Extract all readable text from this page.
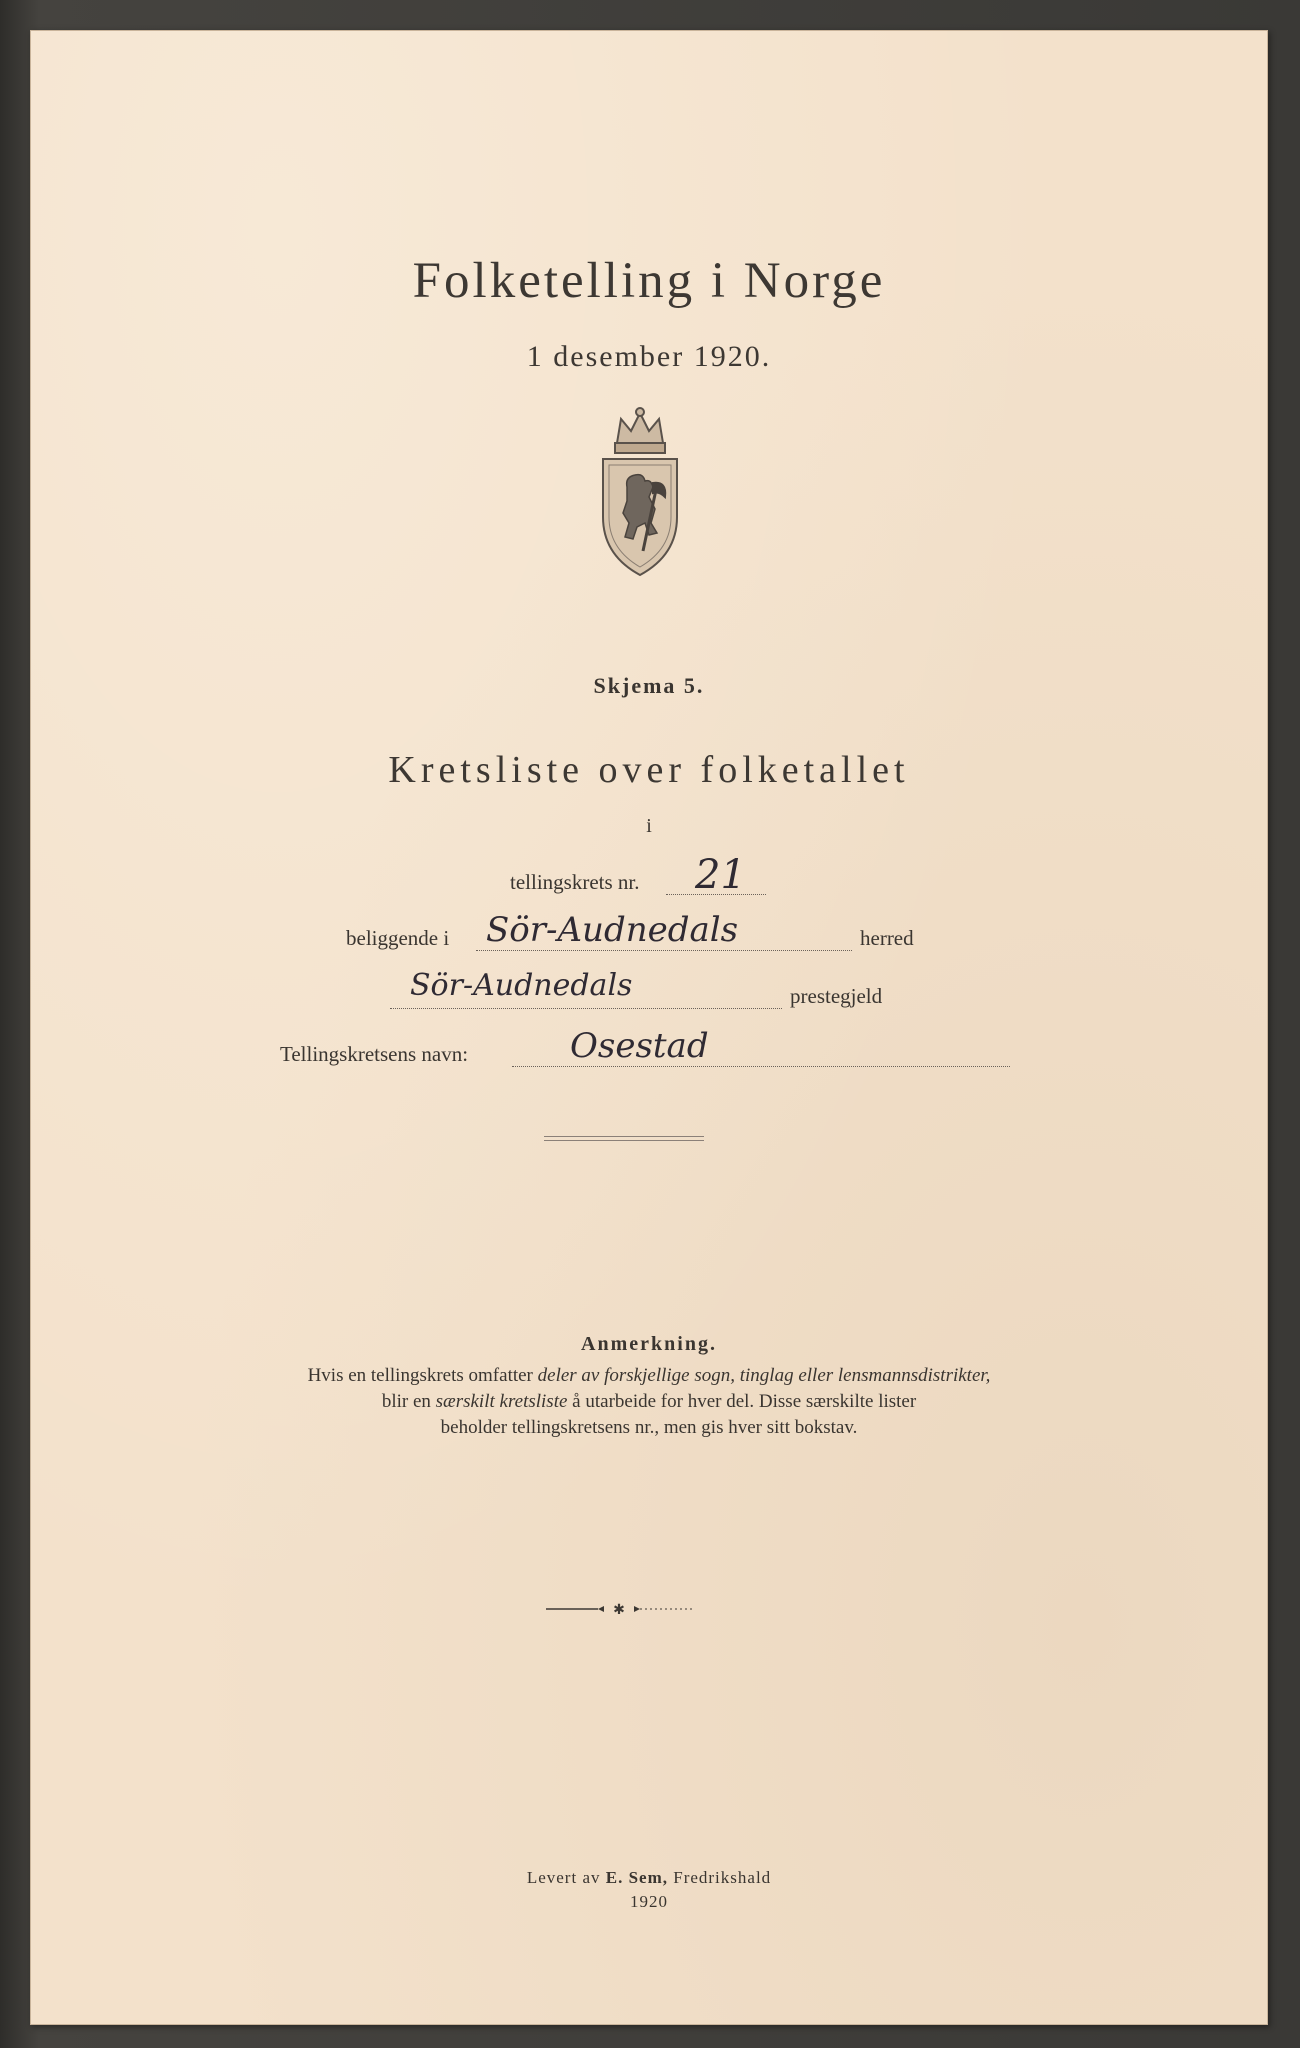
Folketelling i Norge
1 desember 1920.
Skjema 5.
Kretsliste over folketallet
i
tellingskrets nr. 21
beliggende i Sör-Audnedals	herred
Sör-Audnedals	prestegjeld
Tellingskretsens navn:	Osestad
Anmerkning.
Hvis en tellingskrets omfatter deler av forskjellige sogn, tinglag eller lensmannsdistrikter,
blir en særskilt kretsliste å utarbeide for hver del. Disse særskilte lister
beholder tellingskretsens nr., men gis hver sitt bokstav.
✱
Levert av E. Sem, Fredrikshald
1920
